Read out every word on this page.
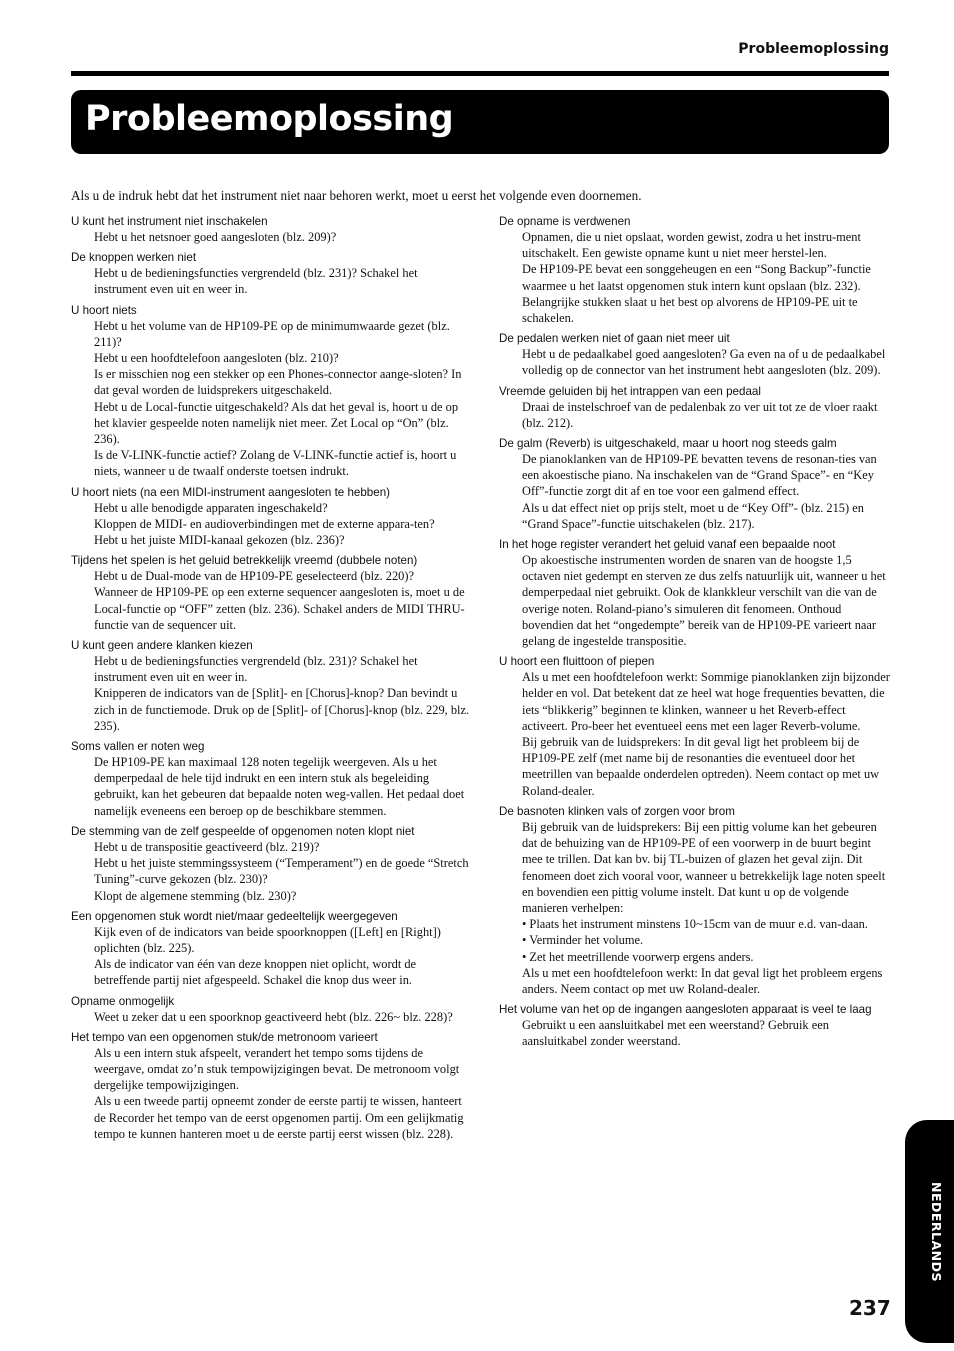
Probleemoplossing
Probleemoplossing
Als u de indruk hebt dat het instrument niet naar behoren werkt, moet u eerst het volgende even doornemen.
U kunt het instrument niet inschakelen

Hebt u het netsnoer goed aangesloten (blz. 209)?

De knoppen werken niet

Hebt u de bedieningsfuncties vergrendeld (blz. 231)? Schakel het instrument even uit en weer in.

U hoort niets

Hebt u het volume van de HP109-PE op de minimumwaarde gezet (blz. 211)?

Hebt u een hoofdtelefoon aangesloten (blz. 210)?

Is er misschien nog een stekker op een Phones-connector aange-sloten? In dat geval worden de luidsprekers uitgeschakeld.

Hebt u de Local-functie uitgeschakeld? Als dat het geval is, hoort u de op het klavier gespeelde noten namelijk niet meer. Zet Local op “On” (blz. 236).

Is de V-LINK-functie actief? Zolang de V-LINK-functie actief is, hoort u niets, wanneer u de twaalf onderste toetsen indrukt.

U hoort niets (na een MIDI-instrument aangesloten te hebben)

Hebt u alle benodigde apparaten ingeschakeld?

Kloppen de MIDI- en audioverbindingen met de externe appara-ten?

Hebt u het juiste MIDI-kanaal gekozen (blz. 236)?

Tijdens het spelen is het geluid betrekkelijk vreemd (dubbele noten)

Hebt u de Dual-mode van de HP109-PE geselecteerd (blz. 220)?

Wanneer de HP109-PE op een externe sequencer aangesloten is, moet u de Local-functie op “OFF” zetten (blz. 236). Schakel anders de MIDI THRU-functie van de sequencer uit.

U kunt geen andere klanken kiezen

Hebt u de bedieningsfuncties vergrendeld (blz. 231)? Schakel het instrument even uit en weer in.

Knipperen de indicators van de [Split]- en [Chorus]-knop? Dan bevindt u zich in de functiemode. Druk op de [Split]- of [Chorus]-knop (blz. 229, blz. 235).

Soms vallen er noten weg

De HP109-PE kan maximaal 128 noten tegelijk weergeven. Als u het demperpedaal de hele tijd indrukt en een intern stuk als begeleiding gebruikt, kan het gebeuren dat bepaalde noten weg-vallen. Het pedaal doet namelijk eveneens een beroep op de beschikbare stemmen.

De stemming van de zelf gespeelde of opgenomen noten klopt niet

Hebt u de transpositie geactiveerd (blz. 219)?

Hebt u het juiste stemmingssysteem (“Temperament”) en de goede “Stretch Tuning”-curve gekozen (blz. 230)?

Klopt de algemene stemming (blz. 230)?

Een opgenomen stuk wordt niet/maar gedeeltelijk weergegeven

Kijk even of de indicators van beide spoorknoppen ([Left] en [Right]) oplichten (blz. 225).

Als de indicator van één van deze knoppen niet oplicht, wordt de betreffende partij niet afgespeeld. Schakel die knop dus weer in.

Opname onmogelijk

Weet u zeker dat u een spoorknop geactiveerd hebt (blz. 226~ blz. 228)?

Het tempo van een opgenomen stuk/de metronoom varieert

Als u een intern stuk afspeelt, verandert het tempo soms tijdens de weergave, omdat zo’n stuk tempowijzigingen bevat. De metronoom volgt dergelijke tempowijzigingen.

Als u een tweede partij opneemt zonder de eerste partij te wissen, hanteert de Recorder het tempo van de eerst opgenomen partij. Om een gelijkmatig tempo te kunnen hanteren moet u de eerste partij eerst wissen (blz. 228).

De opname is verdwenen

Opnamen, die u niet opslaat, worden gewist, zodra u het instru-ment uitschakelt. Een gewiste opname kunt u niet meer herstel-len.

De HP109-PE bevat een songgeheugen en een “Song Backup”-functie waarmee u het laatst opgenomen stuk intern kunt opslaan (blz. 232). Belangrijke stukken slaat u het best op alvorens de HP109-PE uit te schakelen.

De pedalen werken niet of gaan niet meer uit

Hebt u de pedaalkabel goed aangesloten? Ga even na of u de pedaalkabel volledig op de connector van het instrument hebt aangesloten (blz. 209).

Vreemde geluiden bij het intrappen van een pedaal

Draai de instelschroef van de pedalenbak zo ver uit tot ze de vloer raakt (blz. 212).

De galm (Reverb) is uitgeschakeld, maar u hoort nog steeds galm

De pianoklanken van de HP109-PE bevatten tevens de resonan-ties van een akoestische piano. Na inschakelen van de “Grand Space”- en “Key Off”-functie zorgt dit af en toe voor een galmend effect.

Als u dat effect niet op prijs stelt, moet u de “Key Off”- (blz. 215) en “Grand Space”-functie uitschakelen (blz. 217).

In het hoge register verandert het geluid vanaf een bepaalde noot

Op akoestische instrumenten worden de snaren van de hoogste 1,5 octaven niet gedempt en sterven ze dus zelfs natuurlijk uit, wanneer u het demperpedaal niet gebruikt. Ook de klankkleur verschilt van die van de overige noten. Roland-piano’s simuleren dit fenomeen. Onthoud bovendien dat het “ongedempte” bereik van de HP109-PE varieert naar gelang de ingestelde transpositie.

U hoort een fluittoon of piepen

Als u met een hoofdtelefoon werkt: Sommige pianoklanken zijn bijzonder helder en vol. Dat betekent dat ze heel wat hoge frequenties bevatten, die iets “blikkerig” beginnen te klinken, wanneer u het Reverb-effect activeert. Pro-beer het eventueel eens met een lager Reverb-volume.

Bij gebruik van de luidsprekers: In dit geval ligt het probleem bij de HP109-PE zelf (met name bij de resonanties die eventueel door het meetrillen van bepaalde onderdelen optreden). Neem contact op met uw Roland-dealer.

De basnoten klinken vals of zorgen voor brom

Bij gebruik van de luidsprekers: Bij een pittig volume kan het gebeuren dat de behuizing van de HP109-PE of een voorwerp in de buurt begint mee te trillen. Dat kan bv. bij TL-buizen of glazen het geval zijn. Dit fenomeen doet zich vooral voor, wanneer u betrekkelijk lage noten speelt en bovendien een pittig volume instelt. Dat kunt u op de volgende manieren verhelpen:

• Plaats het instrument minstens 10~15cm van de muur e.d. van-daan.

• Verminder het volume.

• Zet het meetrillende voorwerp ergens anders.

Als u met een hoofdtelefoon werkt: In dat geval ligt het probleem ergens anders. Neem contact op met uw Roland-dealer.

Het volume van het op de ingangen aangesloten apparaat is veel te laag

Gebruikt u een aansluitkabel met een weerstand? Gebruik een aansluitkabel zonder weerstand.

NEDERLANDS
237
